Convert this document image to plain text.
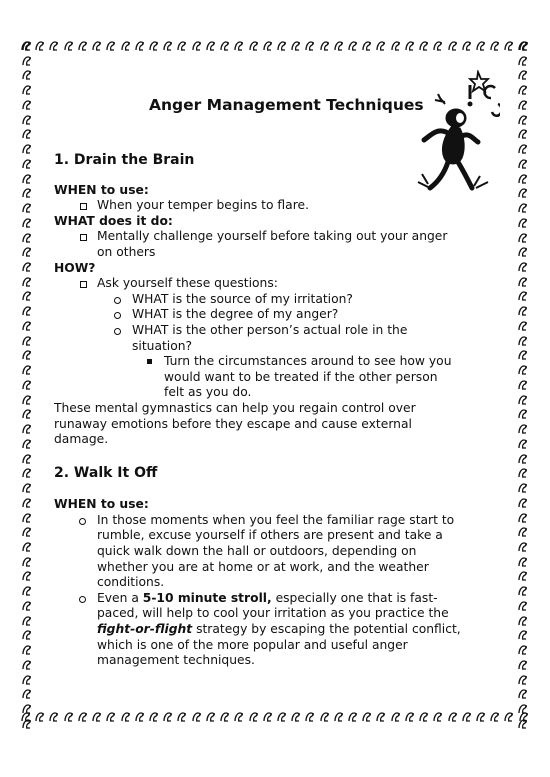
Anger Management Techniques

1. Drain the Brain

WHEN to use:
When your temper begins to flare.
WHAT does it do:
Mentally challenge yourself before taking out your anger
on others
HOW?
Ask yourself these questions:
WHAT is the source of my irritation?
WHAT is the degree of my anger?
WHAT is the other person’s actual role in the
situation?
Turn the circumstances around to see how you
would want to be treated if the other person
felt as you do.

These mental gymnastics can help you regain control over
runaway emotions before they escape and cause external
damage.

2. Walk It Off

WHEN to use:
In those moments when you feel the familiar rage start to
rumble, excuse yourself if others are present and take a
quick walk down the hall or outdoors, depending on
whether you are at home or at work, and the weather
conditions.
Even a 5-10 minute stroll, especially one that is fast-
paced, will help to cool your irritation as you practice the
fight-or-flight strategy by escaping the potential conflict,
which is one of the more popular and useful anger
management techniques.
